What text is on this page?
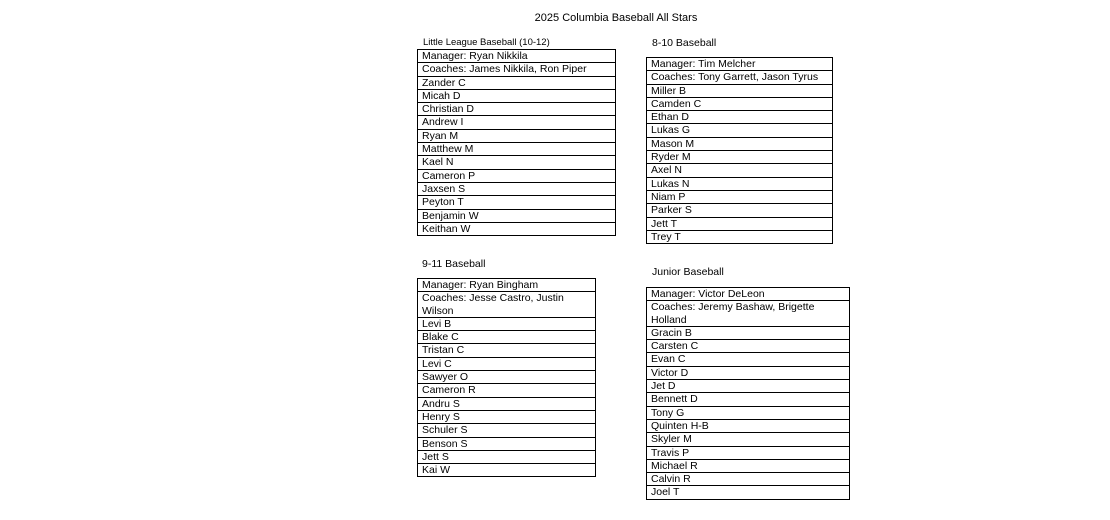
2025 Columbia Baseball All Stars
Little League Baseball (10-12)
Manager: Ryan Nikkila
Coaches: James Nikkila, Ron Piper
Zander C
Micah D
Christian D
Andrew I
Ryan M
Matthew M
Kael N
Cameron P
Jaxsen S
Peyton T
Benjamin W
Keithan W
8-10 Baseball
Manager: Tim Melcher
Coaches: Tony Garrett, Jason Tyrus
Miller B
Camden C
Ethan D
Lukas G
Mason M
Ryder M
Axel N
Lukas N
Niam P
Parker S
Jett T
Trey T
9-11 Baseball
Manager: Ryan Bingham
Coaches: Jesse Castro, Justin Wilson
Levi B
Blake C
Tristan C
Levi C
Sawyer O
Cameron R
Andru S
Henry S
Schuler S
Benson S
Jett S
Kai W
Junior Baseball
Manager: Victor DeLeon
Coaches: Jeremy Bashaw, Brigette Holland
Gracin B
Carsten C
Evan C
Victor D
Jet D
Bennett D
Tony G
Quinten H-B
Skyler M
Travis P
Michael R
Calvin R
Joel T
